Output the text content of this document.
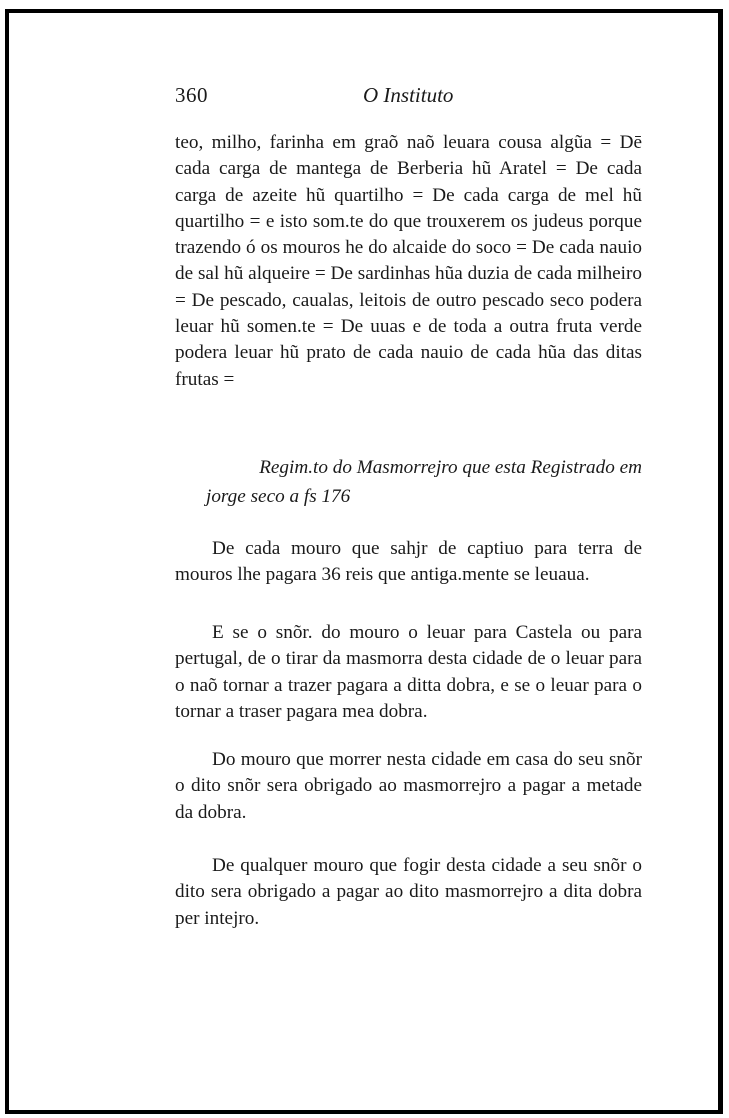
360	O Instituto

teo, milho, farinha em graõ naõ leuara cousa algũa = Dē cada carga de mantega de Berberia hũ Aratel = De cada carga de azeite hũ quartilho = De cada carga de mel hũ quartilho = e isto som.te do que trouxerem os judeus porque trazendo ó os mouros he do alcaide do soco = De cada nauio de sal hũ alqueire = De sardinhas hũa duzia de cada milheiro = De pescado, caualas, leitois de outro pescado seco podera leuar hũ somen.te = De uuas e de toda a outra fruta verde podera leuar hũ prato de cada nauio de cada hũa das ditas frutas =

Regim.to do Masmorrejro que esta Registrado em
jorge seco a fs 176

De cada mouro que sahjr de captiuo para terra de mouros lhe pagara 36 reis que antiga.mente se leuaua.

E se o snõr. do mouro o leuar para Castela ou para pertugal, de o tirar da masmorra desta cidade de o leuar para o naõ tornar a trazer pagara a ditta dobra, e se o leuar para o tornar a traser pagara mea dobra.

Do mouro que morrer nesta cidade em casa do seu snõr o dito snõr sera obrigado ao masmorrejro a pagar a metade da dobra.

De qualquer mouro que fogir desta cidade a seu snõr o dito sera obrigado a pagar ao dito masmorrejro a dita dobra per intejro.
